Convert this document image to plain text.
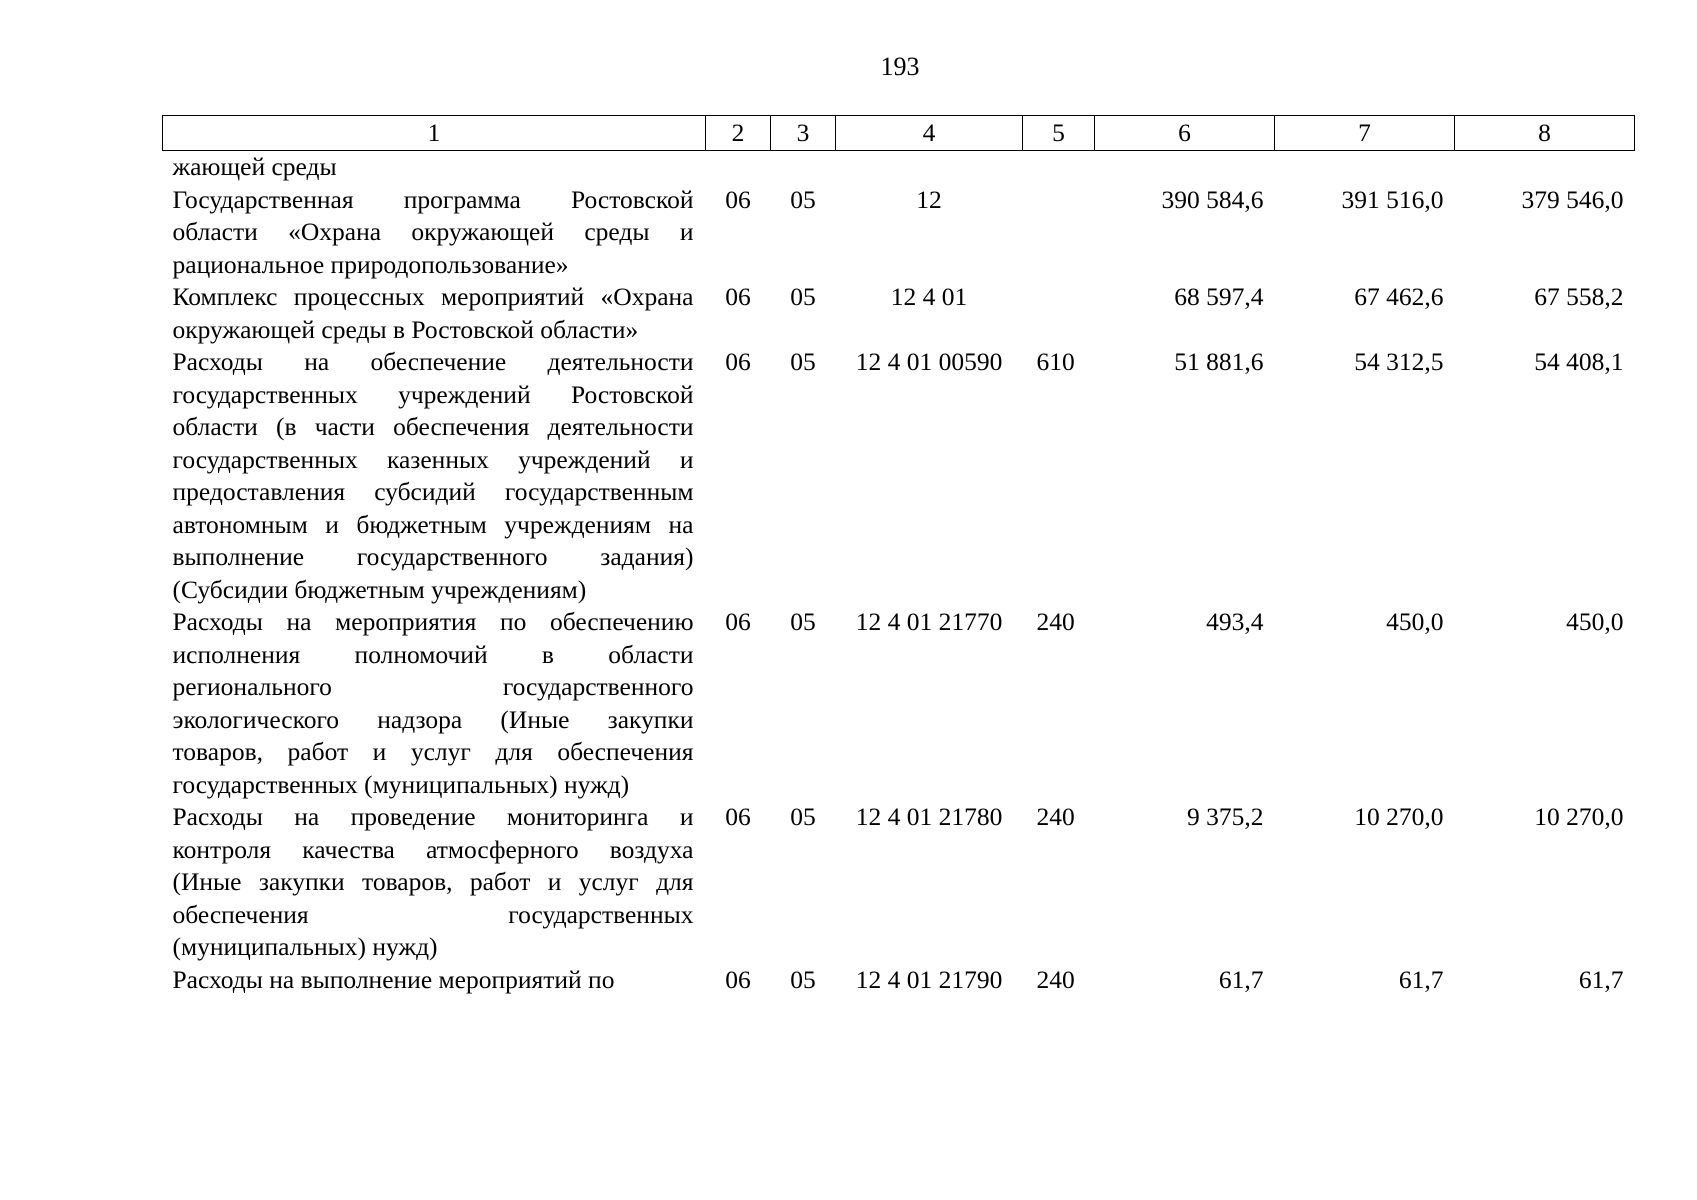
193
1	2	3	4	5	6	7	8
жающей среды							
Государственная программа Ростовской области «Охрана окружающей среды и рациональное природопользование»	06	05	12		390 584,6	391 516,0	379 546,0
Комплекс процессных мероприятий «Охрана окружающей среды в Ростовской области»	06	05	12 4 01		68 597,4	67 462,6	67 558,2
Расходы на обеспечение деятельности государственных учреждений Ростовской области (в части обеспечения деятельности государственных казенных учреждений и предоставления субсидий государственным автономным и бюджетным учреждениям на выполнение государственного задания) (Субсидии бюджетным учреждениям)	06	05	12 4 01 00590	610	51 881,6	54 312,5	54 408,1
Расходы на мероприятия по обеспечению исполнения полномочий в области регионального государственного экологического надзора (Иные закупки товаров, работ и услуг для обеспечения государственных (муниципальных) нужд)	06	05	12 4 01 21770	240	493,4	450,0	450,0
Расходы на проведение мониторинга и контроля качества атмосферного воздуха (Иные закупки товаров, работ и услуг для обеспечения государственных (муниципальных) нужд)	06	05	12 4 01 21780	240	9 375,2	10 270,0	10 270,0
Расходы на выполнение мероприятий по	06	05	12 4 01 21790	240	61,7	61,7	61,7
